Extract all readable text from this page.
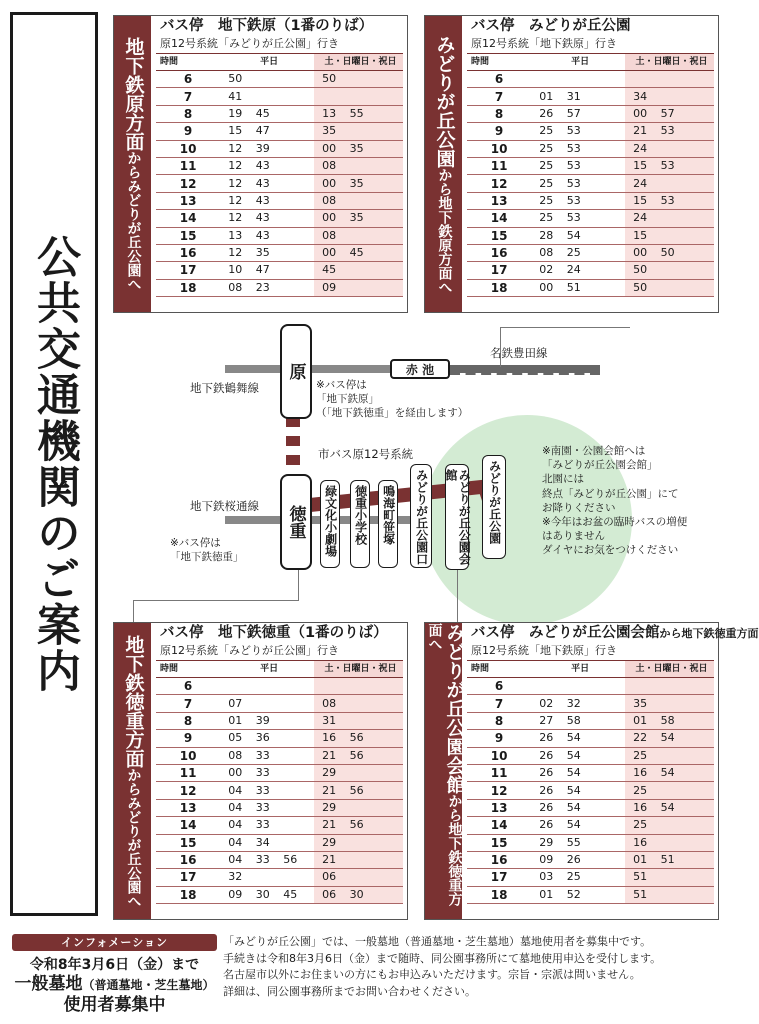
公共交通機関のご案内
地下鉄原方面からみどりが丘公園へ
バス停　 地下鉄原（1番のりば）
原12号系統「みどりが丘公園」行き
時間	平日	土・日曜日・祝日
6	50	50
7	41	
8	19 45	13 55
9	15 47	35
10	12 39	00 35
11	12 43	08
12	12 43	00 35
13	12 43	08
14	12 43	00 35
15	13 43	08
16	12 35	00 45
17	10 47	45
18	08 23	09
みどりが丘公園から地下鉄原方面へ
バス停　 みどりが丘公園
原12号系統「地下鉄原」行き
時間	平日	土・日曜日・祝日
6		
7	01 31	34
8	26 57	00 57
9	25 53	21 53
10	25 53	24
11	25 53	15 53
12	25 53	24
13	25 53	15 53
14	25 53	24
15	28 54	15
16	08 25	00 50
17	02 24	50
18	00 51	50
原
徳重
赤 池
地下鉄鶴舞線
地下鉄桜通線
名鉄豊田線
市バス原12号系統
※バス停は
「地下鉄原」
（「地下鉄徳重」を経由します）
※バス停は
「地下鉄徳重」
緑文化小劇場 徳重小学校 鳴海町笹塚 みどりが丘公園口	みどりが丘公園会館	みどりが丘公園
※南園・公園会館へは
「みどりが丘公園会館」
北園には
終点「みどりが丘公園」にて
お降りください
※今年はお盆の臨時バスの増便
はありません
ダイヤにお気をつけください
地下鉄徳重方面からみどりが丘公園へ
バス停　 地下鉄徳重（1番のりば）
原12号系統「みどりが丘公園」行き
時間	平日	土・日曜日・祝日
6		
7	07	08
8	01 39	31
9	05 36	16 56
10	08 33	21 56
11	00 33	29
12	04 33	21 56
13	04 33	29
14	04 33	21 56
15	04 34	29
16	04 33 56	21
17	32	06
18	09 30 45	06 30
みどりが丘公園会館から地下鉄徳重方面へ	バス停　 みどりが丘公園会館から地下鉄徳重方面
原12号系統「地下鉄原」行き
時間	平日	土・日曜日・祝日
6		
7	02 32	35
8	27 58	01 58
9	26 54	22 54
10	26 54	25
11	26 54	16 54
12	26 54	25
13	26 54	16 54
14	26 54	25
15	29 55	16
16	09 26	01 51
17	03 25	51
18	01 52	51
インフォメーション
令和8年3月6日（金）まで
一般墓地（普通墓地・芝生墓地）
使用者募集中
「みどりが丘公園」では、一般墓地（普通墓地・芝生墓地）墓地使用者を募集中です。
手続きは令和8年3月6日（金）まで随時、同公園事務所にて墓地使用申込を受付します。
名古屋市以外にお住まいの方にもお申込みいただけます。宗旨・宗派は問いません。
詳細は、同公園事務所までお問い合わせください。
